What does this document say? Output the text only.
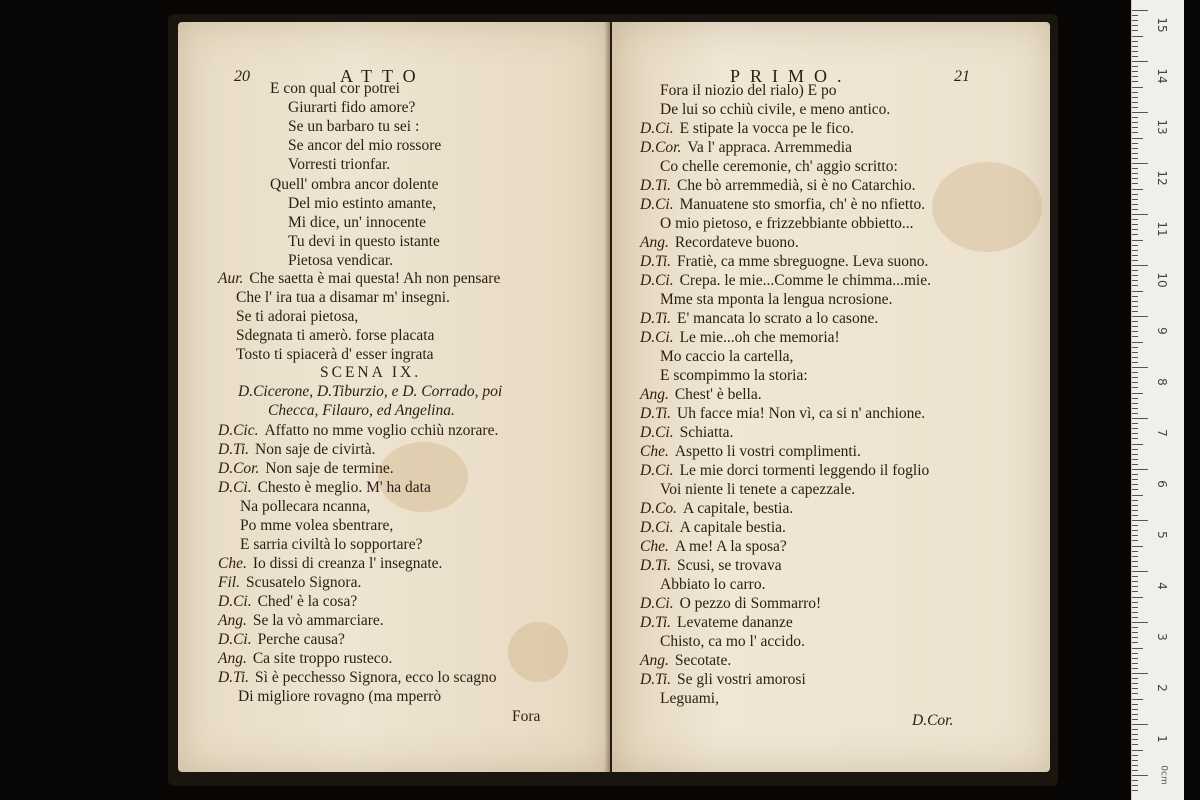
20	ATTO
E con qual cor potrei
Giurarti fido amore?
Se un barbaro tu sei :
Se ancor del mio rossore
Vorresti trionfar.
Quell' ombra ancor dolente
Del mio estinto amante,
Mi dice, un' innocente
Tu devi in questo istante
Pietosa vendicar.
Aur. Che saetta è mai questa! Ah non pensare
Che l' ira tua a disamar m' insegni.
Se ti adorai pietosa,
Sdegnata ti amerò. forse placata
Tosto ti spiacerà d' esser ingrata
SCENA IX.
D.Cicerone, D.Tiburzio, e D. Corrado, poi
Checca, Filauro, ed Angelina.
D.Cic. Affatto no mme voglio cchiù nzorare.
D.Ti. Non saje de civirtà.
D.Cor. Non saje de termine.
D.Ci. Chesto è meglio. M' ha data
Na pollecara ncanna,
Po mme volea sbentrare,
E sarria civiltà lo sopportare?
Che. Io dissi di creanza l' insegnate.
Fil. Scusatelo Signora.
D.Ci. Ched' è la cosa?
Ang. Se la vò ammarciare.
D.Ci. Perche causa?
Ang. Ca site troppo rusteco.
D.Ti. Sì è pecchesso Signora, ecco lo scagno
Di migliore rovagno (ma mperrò
Fora
PRIMO.	21
Fora il niozio del rialo) E po
De lui so cchiù civile, e meno antico.
D.Ci. E stipate la vocca pe le fico.
D.Cor. Va l' appraca. Arremmedia
Co chelle ceremonie, ch' aggio scritto:
D.Ti. Che bò arremmedià, si è no Catarchio.
D.Ci. Manuatene sto smorfia, ch' è no nfietto.
O mio pietoso, e frizzebbiante obbietto...
Ang. Recordateve buono.
D.Ti. Fratiè, ca mme sbreguogne. Leva suono.
D.Ci. Crepa. le mie...Comme le chimma...mie.
Mme sta mponta la lengua ncrosione.
D.Ti. E' mancata lo scrato a lo casone.
D.Ci. Le mie...oh che memoria!
Mo caccio la cartella,
E scompimmo la storia:
Ang. Chest' è bella.
D.Ti. Uh facce mia! Non vì, ca si n' anchione.
D.Ci. Schiatta.
Che. Aspetto li vostri complimenti.
D.Ci. Le mie dorci tormenti leggendo il foglio
Voi niente li tenete a capezzale.
D.Co. A capitale, bestia.
D.Ci. A capitale bestia.
Che. A me! A la sposa?
D.Ti. Scusi, se trovava
Abbiato lo carro.
D.Ci. O pezzo di Sommarro!
D.Ti. Levateme dananze
Chisto, ca mo l' accido.
Ang. Secotate.
D.Ti. Se gli vostri amorosi
Leguami,
D.Cor.
15
14
13
12
11
10
9
8
7
6
5
4
3
2
1
0cm
